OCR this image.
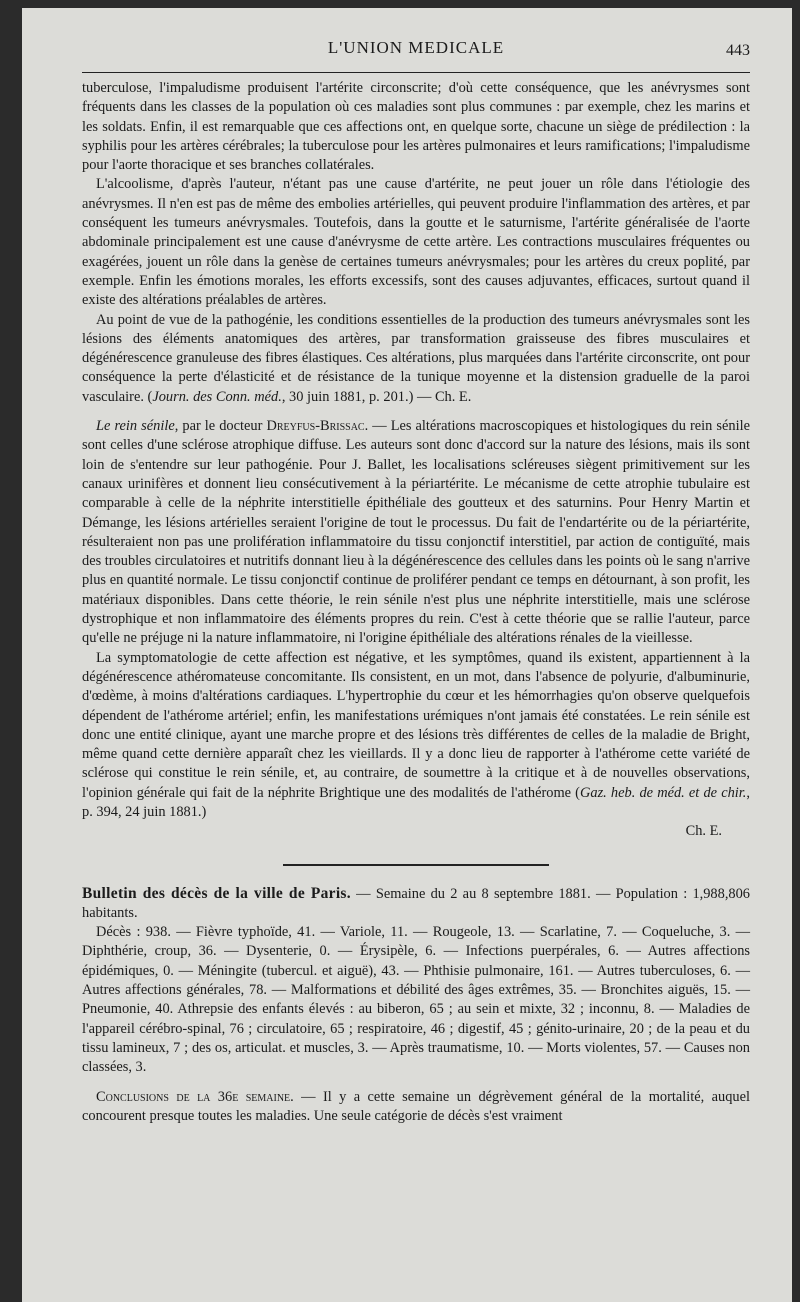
L'UNION MEDICALE	443

tuberculose, l'impaludisme produisent l'artérite circonscrite; d'où cette conséquence, que les anévrysmes sont fréquents dans les classes de la population où ces maladies sont plus communes : par exemple, chez les marins et les soldats. Enfin, il est remarquable que ces affections ont, en quelque sorte, chacune un siège de prédilection : la syphilis pour les artères cérébrales; la tuberculose pour les artères pulmonaires et leurs ramifications; l'impaludisme pour l'aorte thoracique et ses branches collatérales.

L'alcoolisme, d'après l'auteur, n'étant pas une cause d'artérite, ne peut jouer un rôle dans l'étiologie des anévrysmes. Il n'en est pas de même des embolies artérielles, qui peuvent produire l'inflammation des artères, et par conséquent les tumeurs anévrysmales. Toutefois, dans la goutte et le saturnisme, l'artérite généralisée de l'aorte abdominale principalement est une cause d'anévrysme de cette artère. Les contractions musculaires fréquentes ou exagérées, jouent un rôle dans la genèse de certaines tumeurs anévrysmales; pour les artères du creux poplité, par exemple. Enfin les émotions morales, les efforts excessifs, sont des causes adjuvantes, efficaces, surtout quand il existe des altérations préalables de artères.

Au point de vue de la pathogénie, les conditions essentielles de la production des tumeurs anévrysmales sont les lésions des éléments anatomiques des artères, par transformation graisseuse des fibres musculaires et dégénérescence granuleuse des fibres élastiques. Ces altérations, plus marquées dans l'artérite circonscrite, ont pour conséquence la perte d'élasticité et de résistance de la tunique moyenne et la distension graduelle de la paroi vasculaire. (Journ. des Conn. méd., 30 juin 1881, p. 201.) — Ch. E.

Le rein sénile, par le docteur Dreyfus-Brissac. — Les altérations macroscopiques et histologiques du rein sénile sont celles d'une sclérose atrophique diffuse. Les auteurs sont donc d'accord sur la nature des lésions, mais ils sont loin de s'entendre sur leur pathogénie. Pour J. Ballet, les localisations scléreuses siègent primitivement sur les canaux urinifères et donnent lieu consécutivement à la périartérite. Le mécanisme de cette atrophie tubulaire est comparable à celle de la néphrite interstitielle épithéliale des goutteux et des saturnins. Pour Henry Martin et Démange, les lésions artérielles seraient l'origine de tout le processus. Du fait de l'endartérite ou de la périartérite, résulteraient non pas une prolifération inflammatoire du tissu conjonctif interstitiel, par action de contiguïté, mais des troubles circulatoires et nutritifs donnant lieu à la dégénérescence des cellules dans les points où le sang n'arrive plus en quantité normale. Le tissu conjonctif continue de proliférer pendant ce temps en détournant, à son profit, les matériaux disponibles. Dans cette théorie, le rein sénile n'est plus une néphrite interstitielle, mais une sclérose dystrophique et non inflammatoire des éléments propres du rein. C'est à cette théorie que se rallie l'auteur, parce qu'elle ne préjuge ni la nature inflammatoire, ni l'origine épithéliale des altérations rénales de la vieillesse.

La symptomatologie de cette affection est négative, et les symptômes, quand ils existent, appartiennent à la dégénérescence athéromateuse concomitante. Ils consistent, en un mot, dans l'absence de polyurie, d'albuminurie, d'œdème, à moins d'altérations cardiaques. L'hypertrophie du cœur et les hémorrhagies qu'on observe quelquefois dépendent de l'athérome artériel; enfin, les manifestations urémiques n'ont jamais été constatées. Le rein sénile est donc une entité clinique, ayant une marche propre et des lésions très différentes de celles de la maladie de Bright, même quand cette dernière apparaît chez les vieillards. Il y a donc lieu de rapporter à l'athérome cette variété de sclérose qui constitue le rein sénile, et, au contraire, de soumettre à la critique et à de nouvelles observations, l'opinion générale qui fait de la néphrite Brightique une des modalités de l'athérome (Gaz. heb. de méd. et de chir., p. 394, 24 juin 1881.)

Ch. E.

Bulletin des décès de la ville de Paris. — Semaine du 2 au 8 septembre 1881. — Population : 1,988,806 habitants.

Décès : 938. — Fièvre typhoïde, 41. — Variole, 11. — Rougeole, 13. — Scarlatine, 7. — Coqueluche, 3. — Diphthérie, croup, 36. — Dysenterie, 0. — Érysipèle, 6. — Infections puerpérales, 6. — Autres affections épidémiques, 0. — Méningite (tubercul. et aiguë), 43. — Phthisie pulmonaire, 161. — Autres tuberculoses, 6. — Autres affections générales, 78. — Malformations et débilité des âges extrêmes, 35. — Bronchites aiguës, 15. — Pneumonie, 40. Athrepsie des enfants élevés : au biberon, 65 ; au sein et mixte, 32 ; inconnu, 8. — Maladies de l'appareil cérébro-spinal, 76 ; circulatoire, 65 ; respiratoire, 46 ; digestif, 45 ; génito-urinaire, 20 ; de la peau et du tissu lamineux, 7 ; des os, articulat. et muscles, 3. — Après traumatisme, 10. — Morts violentes, 57. — Causes non classées, 3.

Conclusions de la 36e semaine. — Il y a cette semaine un dégrèvement général de la mortalité, auquel concourent presque toutes les maladies. Une seule catégorie de décès s'est vraiment
